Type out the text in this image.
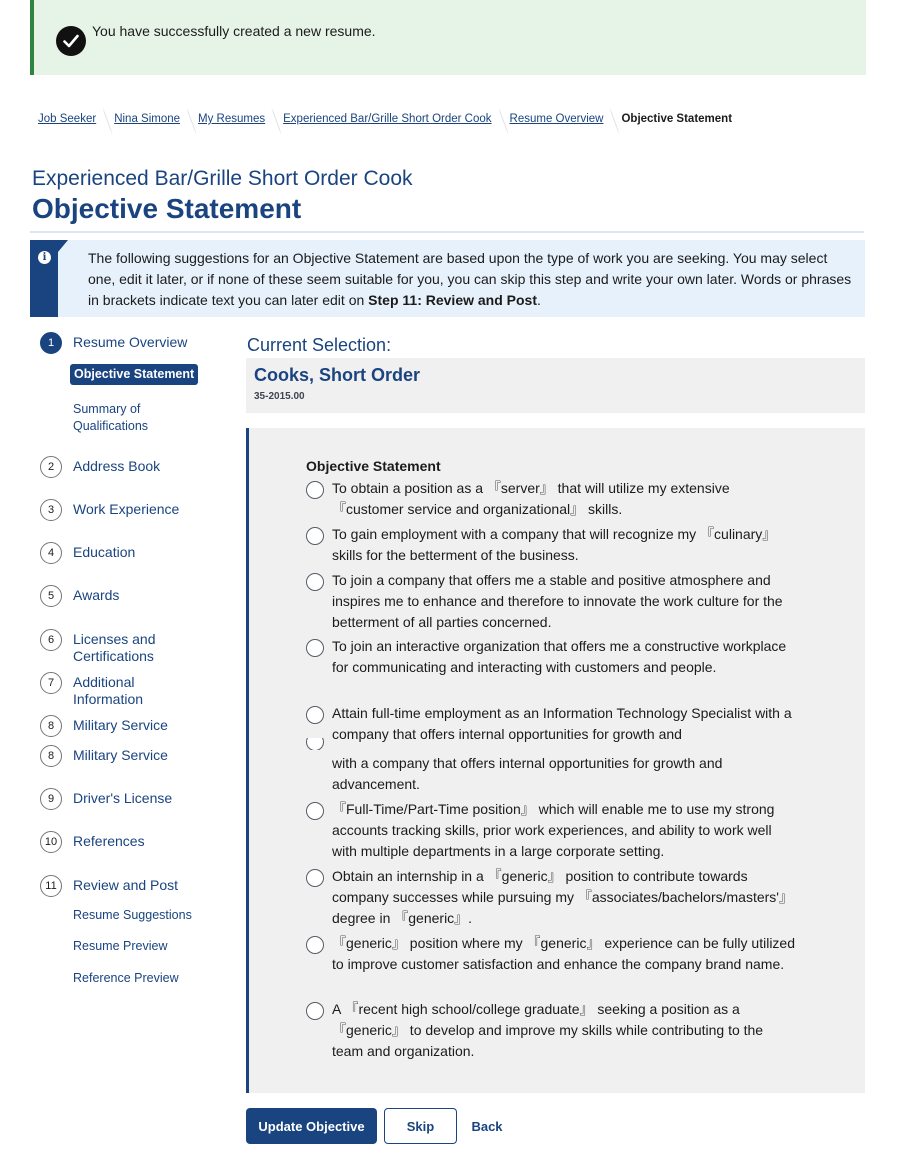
You have successfully created a new resume.
Job Seeker	Nina Simone	My Resumes	Experienced Bar/Grille Short Order Cook	Resume Overview	Objective Statement
Experienced Bar/Grille Short Order Cook
Objective Statement
i	The following suggestions for an Objective Statement are based upon the type of work you are seeking. You may select one, edit it later, or if none of these seem suitable for you, you can skip this step and write your own later. Words or phrases in brackets indicate text you can later edit on Step 11: Review and Post.
1	Resume Overview
Objective Statement
Summary of Qualifications
2	Address Book
3	Work Experience
4	Education
5	Awards
6	Licenses and Certifications
7	Additional Information
8	Military Service
8	Military Service
9	Driver's License
10	References
11	Review and Post
Resume Suggestions
Resume Preview
Reference Preview
Current Selection:
Cooks, Short Order
35-2015.00
Objective Statement
To obtain a position as a 『server』 that will utilize my extensive 『customer service and organizational』 skills.
To gain employment with a company that will recognize my 『culinary』 skills for the betterment of the business.
To join a company that offers me a stable and positive atmosphere and inspires me to enhance and therefore to innovate the work culture for the betterment of all parties concerned.
To join an interactive organization that offers me a constructive workplace for communicating and interacting with customers and people.
Attain full-time employment as an Information Technology Specialist with a company that offers internal opportunities for growth and
with a company that offers internal opportunities for growth and advancement.
『Full-Time/Part-Time position』 which will enable me to use my strong accounts tracking skills, prior work experiences, and ability to work well with multiple departments in a large corporate setting.
Obtain an internship in a 『generic』 position to contribute towards company successes while pursuing my 『associates/bachelors/masters'』 degree in 『generic』.
『generic』 position where my 『generic』 experience can be fully utilized to improve customer satisfaction and enhance the company brand name.
A 『recent high school/college graduate』 seeking a position as a 『generic』 to develop and improve my skills while contributing to the team and organization.
Update Objective	Skip	Back
